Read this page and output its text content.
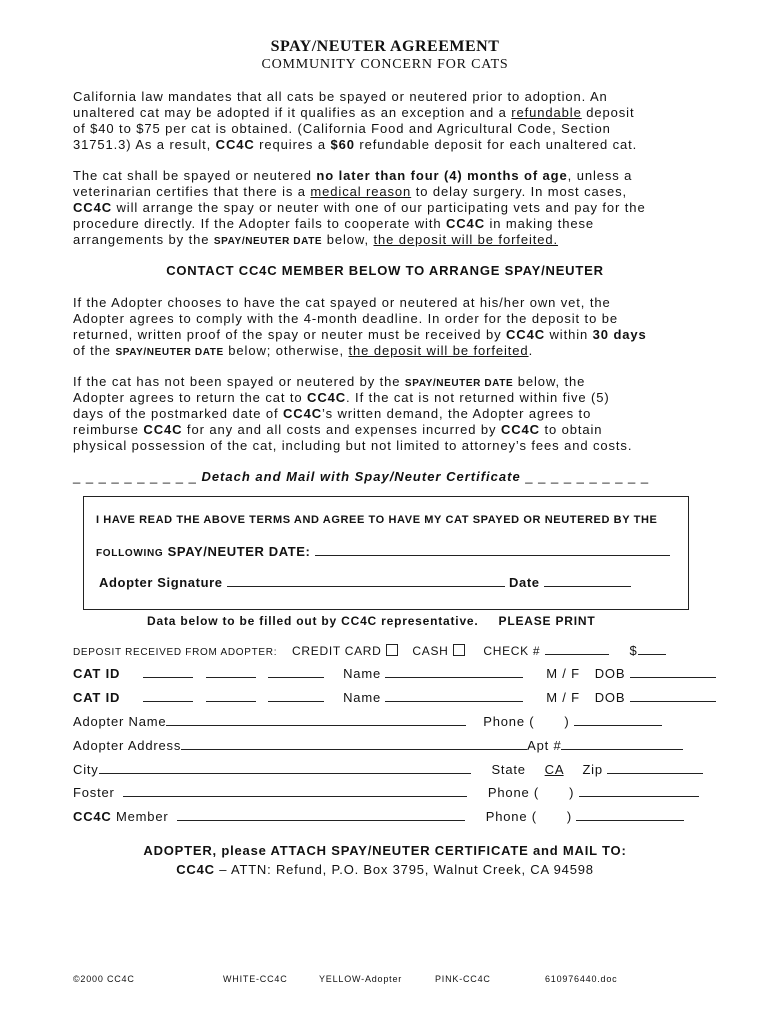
SPAY/NEUTER AGREEMENT
COMMUNITY CONCERN FOR CATS
California law mandates that all cats be spayed or neutered prior to adoption. An
unaltered cat may be adopted if it qualifies as an exception and a refundable deposit
of $40 to $75 per cat is obtained. (California Food and Agricultural Code, Section
31751.3) As a result, CC4C requires a $60 refundable deposit for each unaltered cat.
The cat shall be spayed or neutered no later than four (4) months of age, unless a
veterinarian certifies that there is a medical reason to delay surgery. In most cases,
CC4C will arrange the spay or neuter with one of our participating vets and pay for the
procedure directly. If the Adopter fails to cooperate with CC4C in making these
arrangements by the SPAY/NEUTER DATE below, the deposit will be forfeited.
CONTACT CC4C MEMBER BELOW TO ARRANGE SPAY/NEUTER
If the Adopter chooses to have the cat spayed or neutered at his/her own vet, the
Adopter agrees to comply with the 4-month deadline. In order for the deposit to be
returned, written proof of the spay or neuter must be received by CC4C within 30 days
of the SPAY/NEUTER DATE below; otherwise, the deposit will be forfeited.
If the cat has not been spayed or neutered by the SPAY/NEUTER DATE below, the
Adopter agrees to return the cat to CC4C. If the cat is not returned within five (5)
days of the postmarked date of CC4C’s written demand, the Adopter agrees to
reimburse CC4C for any and all costs and expenses incurred by CC4C to obtain
physical possession of the cat, including but not limited to attorney’s fees and costs.
_ _ _ _ _ _ _ _ _ _ Detach and Mail with Spay/Neuter Certificate _ _ _ _ _ _ _ _ _ _
I HAVE READ THE ABOVE TERMS AND AGREE TO HAVE MY CAT SPAYED OR NEUTERED BY THE
FOLLOWING SPAY/NEUTER DATE:
Adopter Signature	Date
Data below to be filled out by CC4C representative. PLEASE PRINT
DEPOSIT RECEIVED FROM ADOPTER: CREDIT CARD	CASH	CHECK #	$
CAT ID	Name	M / F DOB
CAT ID	Name	M / F DOB
Adopter Name	Phone ( )
Adopter Address	Apt #
City	State CA Zip
Foster	Phone ( )
CC4C Member	Phone ( )
ADOPTER, please ATTACH SPAY/NEUTER CERTIFICATE and MAIL TO:
CC4C – ATTN: Refund, P.O. Box 3795, Walnut Creek, CA 94598
©2000 CC4C	WHITE-CC4C	YELLOW-Adopter	PINK-CC4C	610976440.doc
